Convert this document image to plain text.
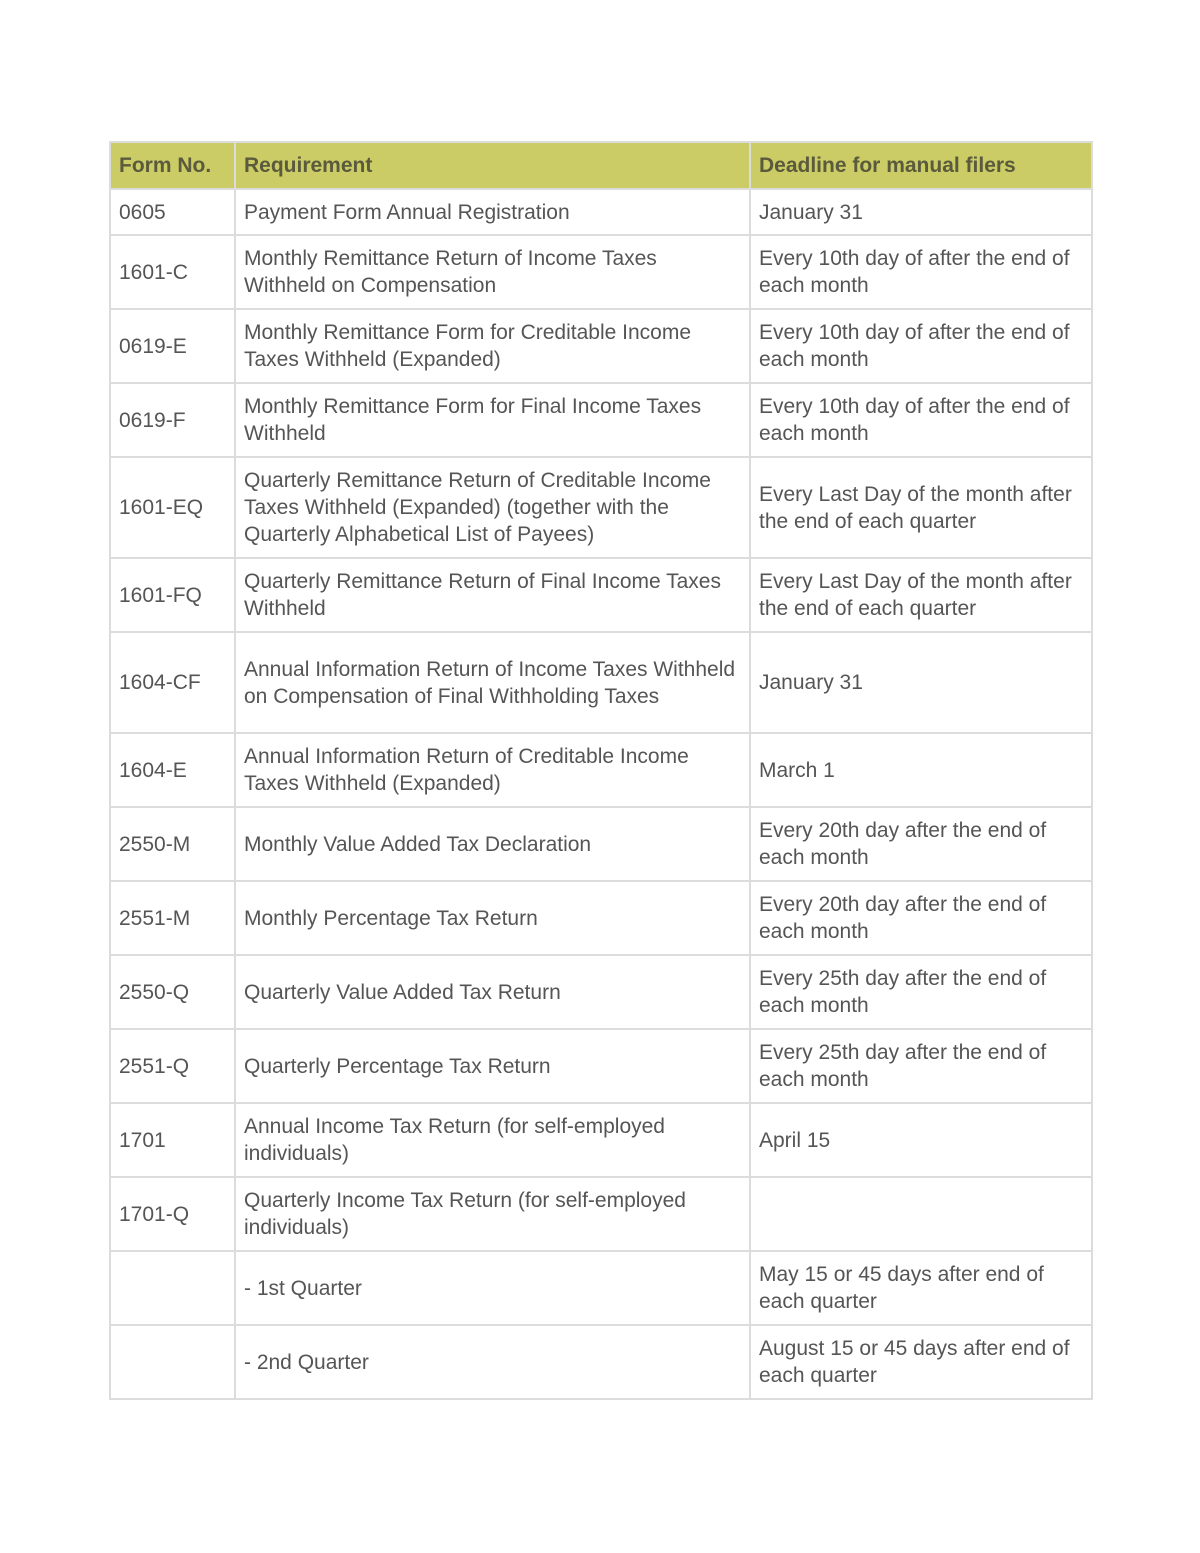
Form No.	Requirement	Deadline for manual filers
0605	Payment Form Annual Registration	January 31
1601-C	Monthly Remittance Return of Income Taxes Withheld on Compensation	Every 10th day of after the end of each month
0619-E	Monthly Remittance Form for Creditable Income Taxes Withheld (Expanded)	Every 10th day of after the end of each month
0619-F	Monthly Remittance Form for Final Income Taxes Withheld	Every 10th day of after the end of each month
1601-EQ	Quarterly Remittance Return of Creditable Income Taxes Withheld (Expanded) (together with the Quarterly Alphabetical List of Payees)	Every Last Day of the month after the end of each quarter
1601-FQ	Quarterly Remittance Return of Final Income Taxes Withheld	Every Last Day of the month after the end of each quarter
1604-CF	Annual Information Return of Income Taxes Withheld on Compensation of Final Withholding Taxes	January 31
1604-E	Annual Information Return of Creditable Income Taxes Withheld (Expanded)	March 1
2550-M	Monthly Value Added Tax Declaration	Every 20th day after the end of each month
2551-M	Monthly Percentage Tax Return	Every 20th day after the end of each month
2550-Q	Quarterly Value Added Tax Return	Every 25th day after the end of each month
2551-Q	Quarterly Percentage Tax Return	Every 25th day after the end of each month
1701	Annual Income Tax Return (for self-employed individuals)	April 15
1701-Q	Quarterly Income Tax Return (for self-employed individuals)	
	- 1st Quarter	May 15 or 45 days after end of each quarter
	- 2nd Quarter	August 15 or 45 days after end of each quarter
